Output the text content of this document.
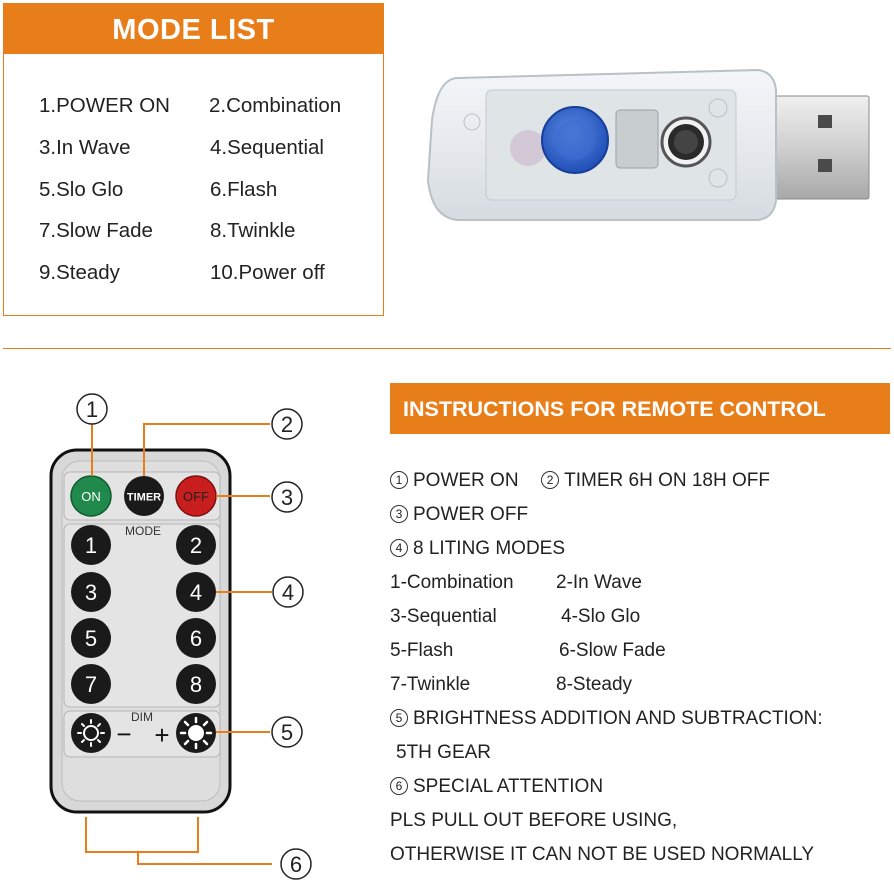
MODE LIST
1.POWER ON 2.Combination
3.In Wave	4.Sequential
5.Slo Glo	6.Flash
7.Slow Fade	8.Twinkle
9.Steady	10.Power off
ON TIMER OFF
MODE
1	2
3	4
5	6
7	8
DIM
− +
1
2
3
4
5
6
INSTRUCTIONS FOR REMOTE CONTROL
1 POWER ON 2 TIMER 6H ON 18H OFF
3 POWER OFF
4 8 LITING MODES
1-Combination 2-In Wave
3-Sequential	4-Slo Glo
5-Flash	6-Slow Fade
7-Twinkle	8-Steady
5 BRIGHTNESS ADDITION AND SUBTRACTION:
5TH GEAR
6 SPECIAL ATTENTION
PLS PULL OUT BEFORE USING,
OTHERWISE IT CAN NOT BE USED NORMALLY
